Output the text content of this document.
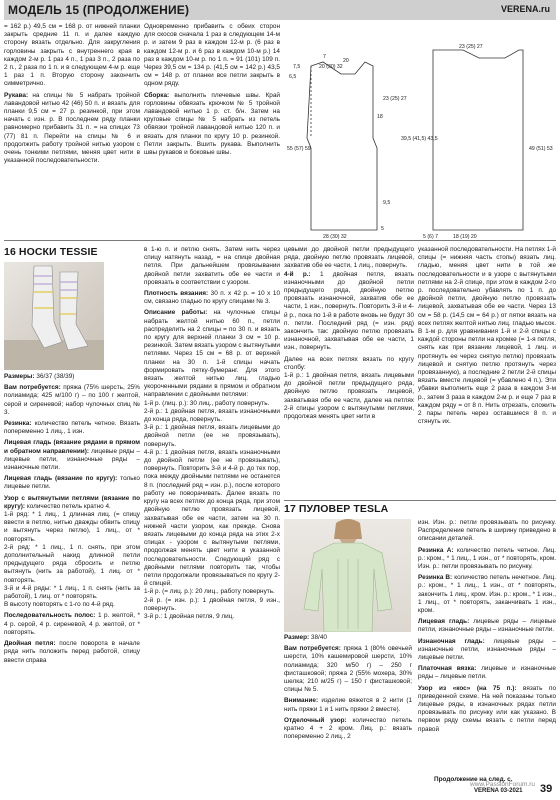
МОДЕЛЬ 15 (ПРОДОЛЖЕНИЕ)	VERENA.ru

= 162 р.) 49,5 см = 168 р. от нижней планки закрыть средние 11 п. и далее каждую сторону вязать отдельно. Для закругления горловины закрыть с внутреннего края в каждом 2-м р. 1 раз 4 п., 1 раз 3 п., 2 раза по 2 п., 2 раза по 1 п. и в следующем 4-м р. еще 1 раз 1 п. Вторую сторону закончить симметрично.

Рукава: на спицы № 5 набрать тройной лавандовой нитью 42 (46) 50 п. и вязать для планки 9,5 см = 27 р. резинкой, при этом начать с изн. р. В последнем ряду планки равномерно прибавить 31 п. = на спицах 73 (77) 81 п. Перейти на спицы № 6 и продолжить работу тройной нитью узором с очень тонкими петлями, меняя цвет нити в указанной последовательности.

Одновременно прибавить с обеих сторон для скосов сначала 1 раз в следующем 14-м р. и затем 9 раз в каждом 12-м р. (6 раз в каждом 12-м р. и 6 раз в каждом 10-м р.) 14 раз в каждом 10-м р. по 1 п. = 91 (101) 109 п. Через 39,5 см = 134 р. (41,5 см = 142 р.) 43,5 см = 148 р. от планки все петли закрыть в одном ряду.

Сборка: выполнить плечевые швы. Край горловины обвязать крючком № 5 тройной лавандовой нитью 1 р. ст. б/н. Затем на круговые спицы № 5 набрать из петель обвязки тройной лавандовой нитью 120 п. и вязать для планки по кругу 10 р. резинкой. Петли закрыть. Вшить рукава. Выполнить швы рукавов и боковые швы.

6,5
7,5
7
20
20 (30) 32
23 (25) 27
18
55 (57) 59
28 (30) 32
5
39,5 (41,5) 43,5
49 (51) 53
18 (19) 20
5 (6) 7
9,5
23 (25) 27
16 НОСКИ TESSIE

Размеры: 36/37 (38/39)

Вам потребуется: пряжа (75% шерсть, 25% полиамида; 425 м/100 г) – по 100 г желтой, серой и сиреневой; набор чулочных спиц № 3.

Резинка: количество петель четное. Вязать попеременно 1 лиц., 1 изн.

Лицевая гладь (вязание рядами в прямом и обратном направлении): лицевые ряды – лицевые петли, изнаночные ряды – изнаночные петли.

Лицевая гладь (вязание по кругу): только лицевые петли.

Узор с вытянутыми петлями (вязание по кругу): количество петель кратно 4.

1-й ряд: * 1 лиц., 1 длинная лиц. (= спицу ввести в петлю, нитью дважды обвить спицу и вытянуть через петлю), 1 лиц., от * повторять.

2-й ряд: * 1 лиц., 1 п. снять, при этом дополнительный накид длинной петли предыдущего ряда сбросить и петлю вытянуть (нить за работой), 1 лиц. от * повторять.

3-й и 4-й ряды: * 1 лиц., 1 п. снять (нить за работой), 1 лиц. от * повторять.

В высоту повторять с 1-го по 4-й ряд.

Последовательность полос: 1 р. желтой, * 4 р. серой, 4 р. сиреневой, 4 р. желтой, от * повторять.

Двойная петля: после поворота в начале ряда нить положить перед работой, спицу ввести справа

в 1-ю п. и петлю снять. Затем нить через спицу натянуть назад, = на спице двойная петля. При дальнейшем провязывании двойной петли захватить обе ее части и провязать в соответствии с узором.

Плотность вязания: 30 п. х 42 р. = 10 х 10 см, связано гладью по кругу спицами № 3.

Описание работы: на чулочные спицы набрать желтой нитью 60 п., петли распределить на 2 спицы = по 30 п. и вязать по кругу для верхней планки 3 см = 10 р. резинкой. Затем вязать узором с вытянутыми петлями. Через 15 см = 68 р. от верхней планки на 30 п. 1-й спицы начать формировать пятку-бумеранг. Для этого вязать желтой нитью лиц. гладью укороченными рядами в прямом и обратном направлении с двойными петлями:

1-й р. (лиц. р.): 30 лиц., работу повернуть.

2-й р.: 1 двойная петля, вязать изнаночными до конца ряда, повернуть.

3-й р.: 1 двойная петля, вязать лицевыми до двойной петли (ее не провязывать), повернуть.

4-й р.: 1 двойная петля, вязать изнаночными до двойной петли (ее не провязывать), повернуть. Повторить 3-й и 4-й р. до тех пор, пока между двойными петлями не останется 8 п. (последний ряд = изн. р.), после которого работу не поворачивать. Далее вязать по кругу на всех петлях до конца ряда, при этом двойную петлю провязать лицевой, захватывая обе ее части, затем на 30 п. нижней части узором, как прежде. Снова вязать лицевыми до конца ряда на этих 2-х спицах - узором с вытянутыми петлями, продолжая менять цвет нити в указанной последовательности. Следующий ряд с двойными петлями повторить так, чтобы петли продолжали провязываться по кругу 2-й спицей.

1-й р. (= лиц. р.): 20 лиц., работу повернуть.

2-й р. (= изн. р.): 1 двойная петля, 9 изн., повернуть.

3-й р.: 1 двойная петля, 9 лиц.

цевыми до двойной петли предыдущего ряда, двойную петлю провязать лицевой, захватив обе ее части, 1 лиц., повернуть.

4-й р.: 1 двойная петля, вязать изнаночными до двойной петли предыдущего ряда, двойную петлю провязать изнаночной, захватив обе ее части, 1 изн., повернуть. Повторить 3-й и 4-й р., пока по 1-й в работе вновь не будут 30 п. петли. Последний ряд (= изн. ряд) закончить так: двойную петлю провязать изнаночной, захватывая обе ее части, 1 изн., повернуть.

Далее на всех петлях вязать по кругу столбу:

1-й р.: 1 двойная петля, вязать лицевыми до двойной петли предыдущего ряда, двойную петлю провязать лицевой, захватывая обе ее части, далее на петлях 2-й спицы узором с вытянутыми петлями, продолжая менять цвет нити в

указанной последовательности. На петлях 1-й спицы (= нижняя часть стопы) вязать лиц. гладью, меняя цвет нити в той же последовательности и в узоре с вытянутыми петлями на 2-й спице, при этом в каждом 2-го р. последовательно убавлять по 1 п. до двойной петли, двойную петлю провязать лицевой, захватывая обе ее части. Через 13 см = 58 р. (14,5 см = 64 р.) от пятки вязать на всех петлях желтой нитью лиц. гладью мысок. В 1-м р. для уравнивания 1-й и 2-й спицы с каждой стороны петли на кромке (= 1-я петля, снять как при вязании лицевой, 1 лиц. и протянуть ее через снятую петлю) провязать лицевой и снятую петлю протянуть через провязанную), а последние 2 петли 2-й спицы вязать вместе лицевой (= убавлено 4 п.). Эти убавки выполнить еще 2 раза в каждом 3-м р., затем 3 раза в каждом 2-м р. и еще 7 раз в каждом ряду = от 8 п. Нить отрезать, сложить 2 пары петель через оставшиеся 8 п. и стянуть их.

17 ПУЛОВЕР TESLA

Размер: 38/40

Вам потребуется: пряжа 1 (80% овечьей шерсти, 10% кашемировой шерсти, 10% полиамида; 320 м/50 г) – 250 г фисташковой; пряжа 2 (55% мохера, 30% шелка; 210 м/25 г) – 150 г фисташковой; спицы № 5.

Внимание: изделие вяжется в 2 нити (1 нить пряжи 1 и 1 нить пряжи 2 вместе).

Отделочный узор: количество петель кратно 4 + 2 кром. Лиц. р.: вязать попеременно 2 лиц., 2

изн. Изн. р.: петли провязывать по рисунку. Распределение петель в ширину приведено в описании деталей.

Резинка А: количество петель четное. Лиц. р.: кром., * 1 лиц., 1 изн., от * повторять, кром. Изн. р.: петли провязывать по рисунку.

Резинка В: количество петель нечетное. Лиц. р.: кром., * 1 лиц., 1 изн., от * повторять, закончить 1 лиц., кром. Изн. р.: кром., * 1 изн., 1 лиц., от * повторять, заканчивать 1 изн., кром.

Лицевая гладь: лицевые ряды – лицевые петли, изнаночные ряды – изнаночные петли.

Изнаночная гладь: лицевые ряды – изнаночные петли, изнаночные ряды – лицевые петли.

Платочная вязка: лицевые и изнаночные ряды – лицевые петли.

Узор из «кос» (на 75 п.): вязать по приведенной схеме. На ней показаны только лицевые ряды, в изнаночных рядах петли провязывать по рисунку или как указано. В первом ряду схемы вязать с петли перед правой

Продолжение на след. с.
VERENA 03-2021 39
www.PassionForum.ru
